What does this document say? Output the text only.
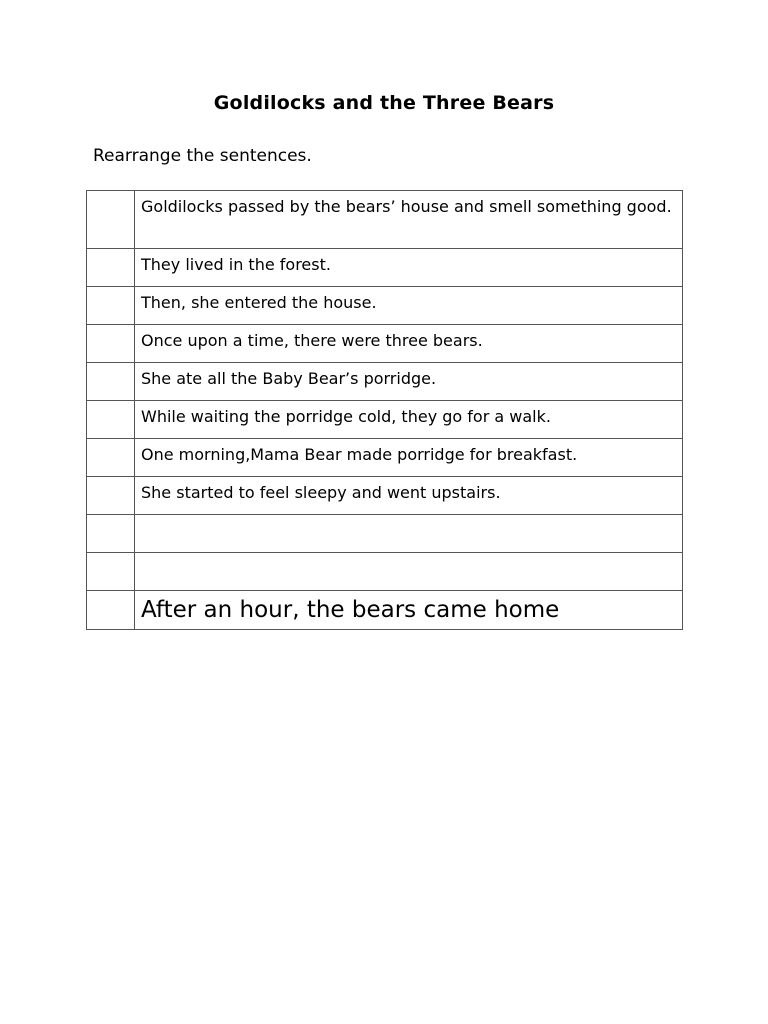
Goldilocks and the Three Bears
Rearrange the sentences.
	Goldilocks passed by the bears’ house and smell something good.
	They lived in the forest.
	Then, she entered the house.
	Once upon a time, there were three bears.
	She ate all the Baby Bear’s porridge.
	While waiting the porridge cold, they go for a walk.
	One morning,Mama Bear made porridge for breakfast.
	She started to feel sleepy and went upstairs.

	After an hour, the bears came home
